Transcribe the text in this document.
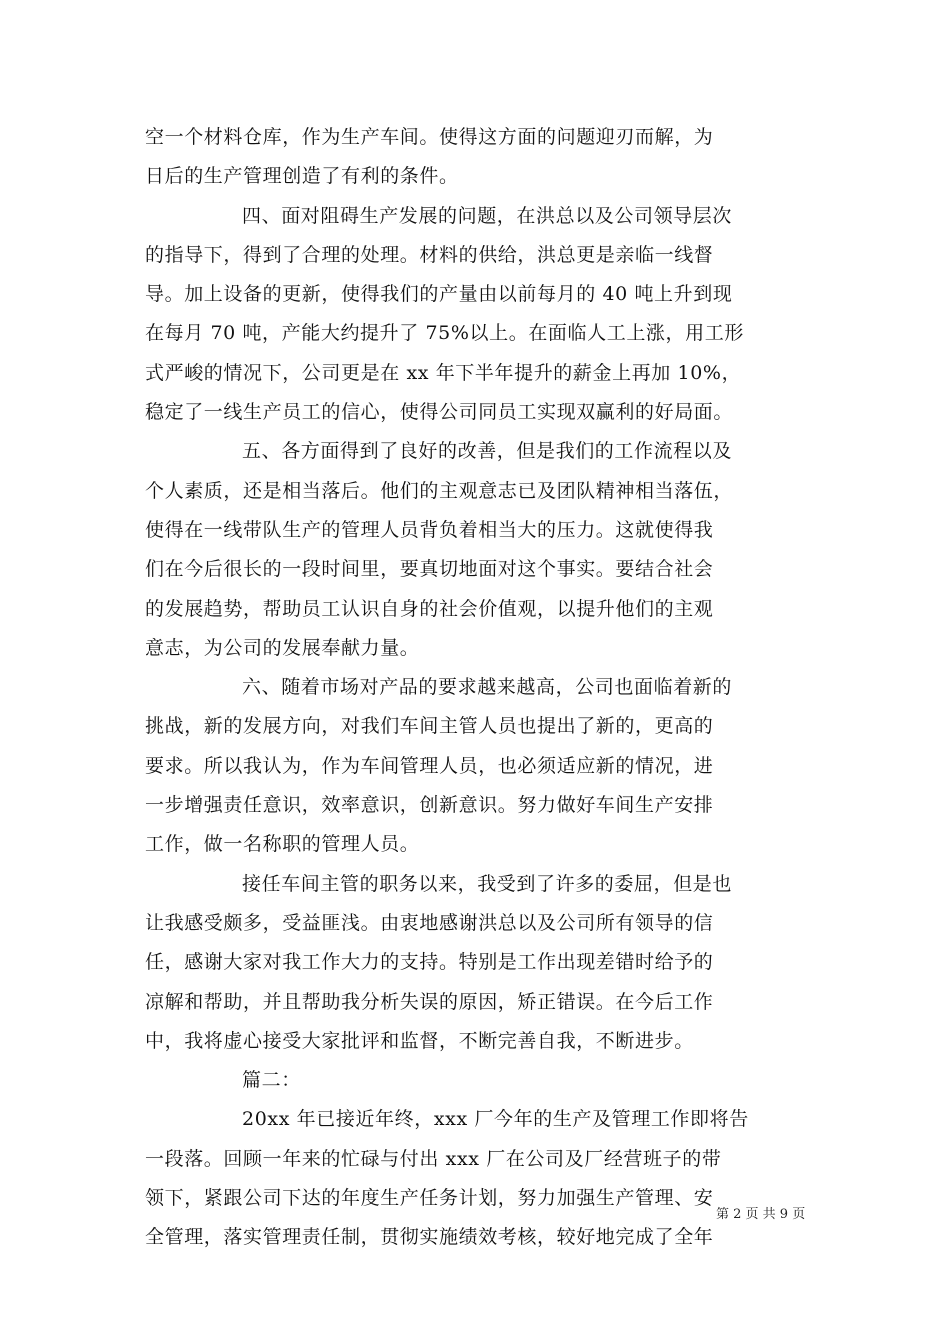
空一个材料仓库，作为生产车间。使得这方面的问题迎刃而解，为
日后的生产管理创造了有利的条件。
四、面对阻碍生产发展的问题，在洪总以及公司领导层次
的指导下，得到了合理的处理。材料的供给，洪总更是亲临一线督
导。加上设备的更新，使得我们的产量由以前每月的 40 吨上升到现
在每月 70 吨，产能大约提升了 75%以上。在面临人工上涨，用工形
式严峻的情况下，公司更是在 xx 年下半年提升的薪金上再加 10%，
稳定了一线生产员工的信心，使得公司同员工实现双赢利的好局面。
五、各方面得到了良好的改善，但是我们的工作流程以及
个人素质，还是相当落后。他们的主观意志已及团队精神相当落伍，
使得在一线带队生产的管理人员背负着相当大的压力。这就使得我
们在今后很长的一段时间里，要真切地面对这个事实。要结合社会
的发展趋势，帮助员工认识自身的社会价值观，以提升他们的主观
意志，为公司的发展奉献力量。
六、随着市场对产品的要求越来越高，公司也面临着新的
挑战，新的发展方向，对我们车间主管人员也提出了新的，更高的
要求。所以我认为，作为车间管理人员，也必须适应新的情况，进
一步增强责任意识，效率意识，创新意识。努力做好车间生产安排
工作，做一名称职的管理人员。
接任车间主管的职务以来，我受到了许多的委屈，但是也
让我感受颇多，受益匪浅。由衷地感谢洪总以及公司所有领导的信
任，感谢大家对我工作大力的支持。特别是工作出现差错时给予的
凉解和帮助，并且帮助我分析失误的原因，矫正错误。在今后工作
中，我将虚心接受大家批评和监督，不断完善自我，不断进步。
篇二：
20xx 年已接近年终，xxx 厂今年的生产及管理工作即将告
一段落。回顾一年来的忙碌与付出 xxx 厂在公司及厂经营班子的带
领下，紧跟公司下达的年度生产任务计划，努力加强生产管理、安
全管理，落实管理责任制，贯彻实施绩效考核，较好地完成了全年
第 2 页 共 9 页
